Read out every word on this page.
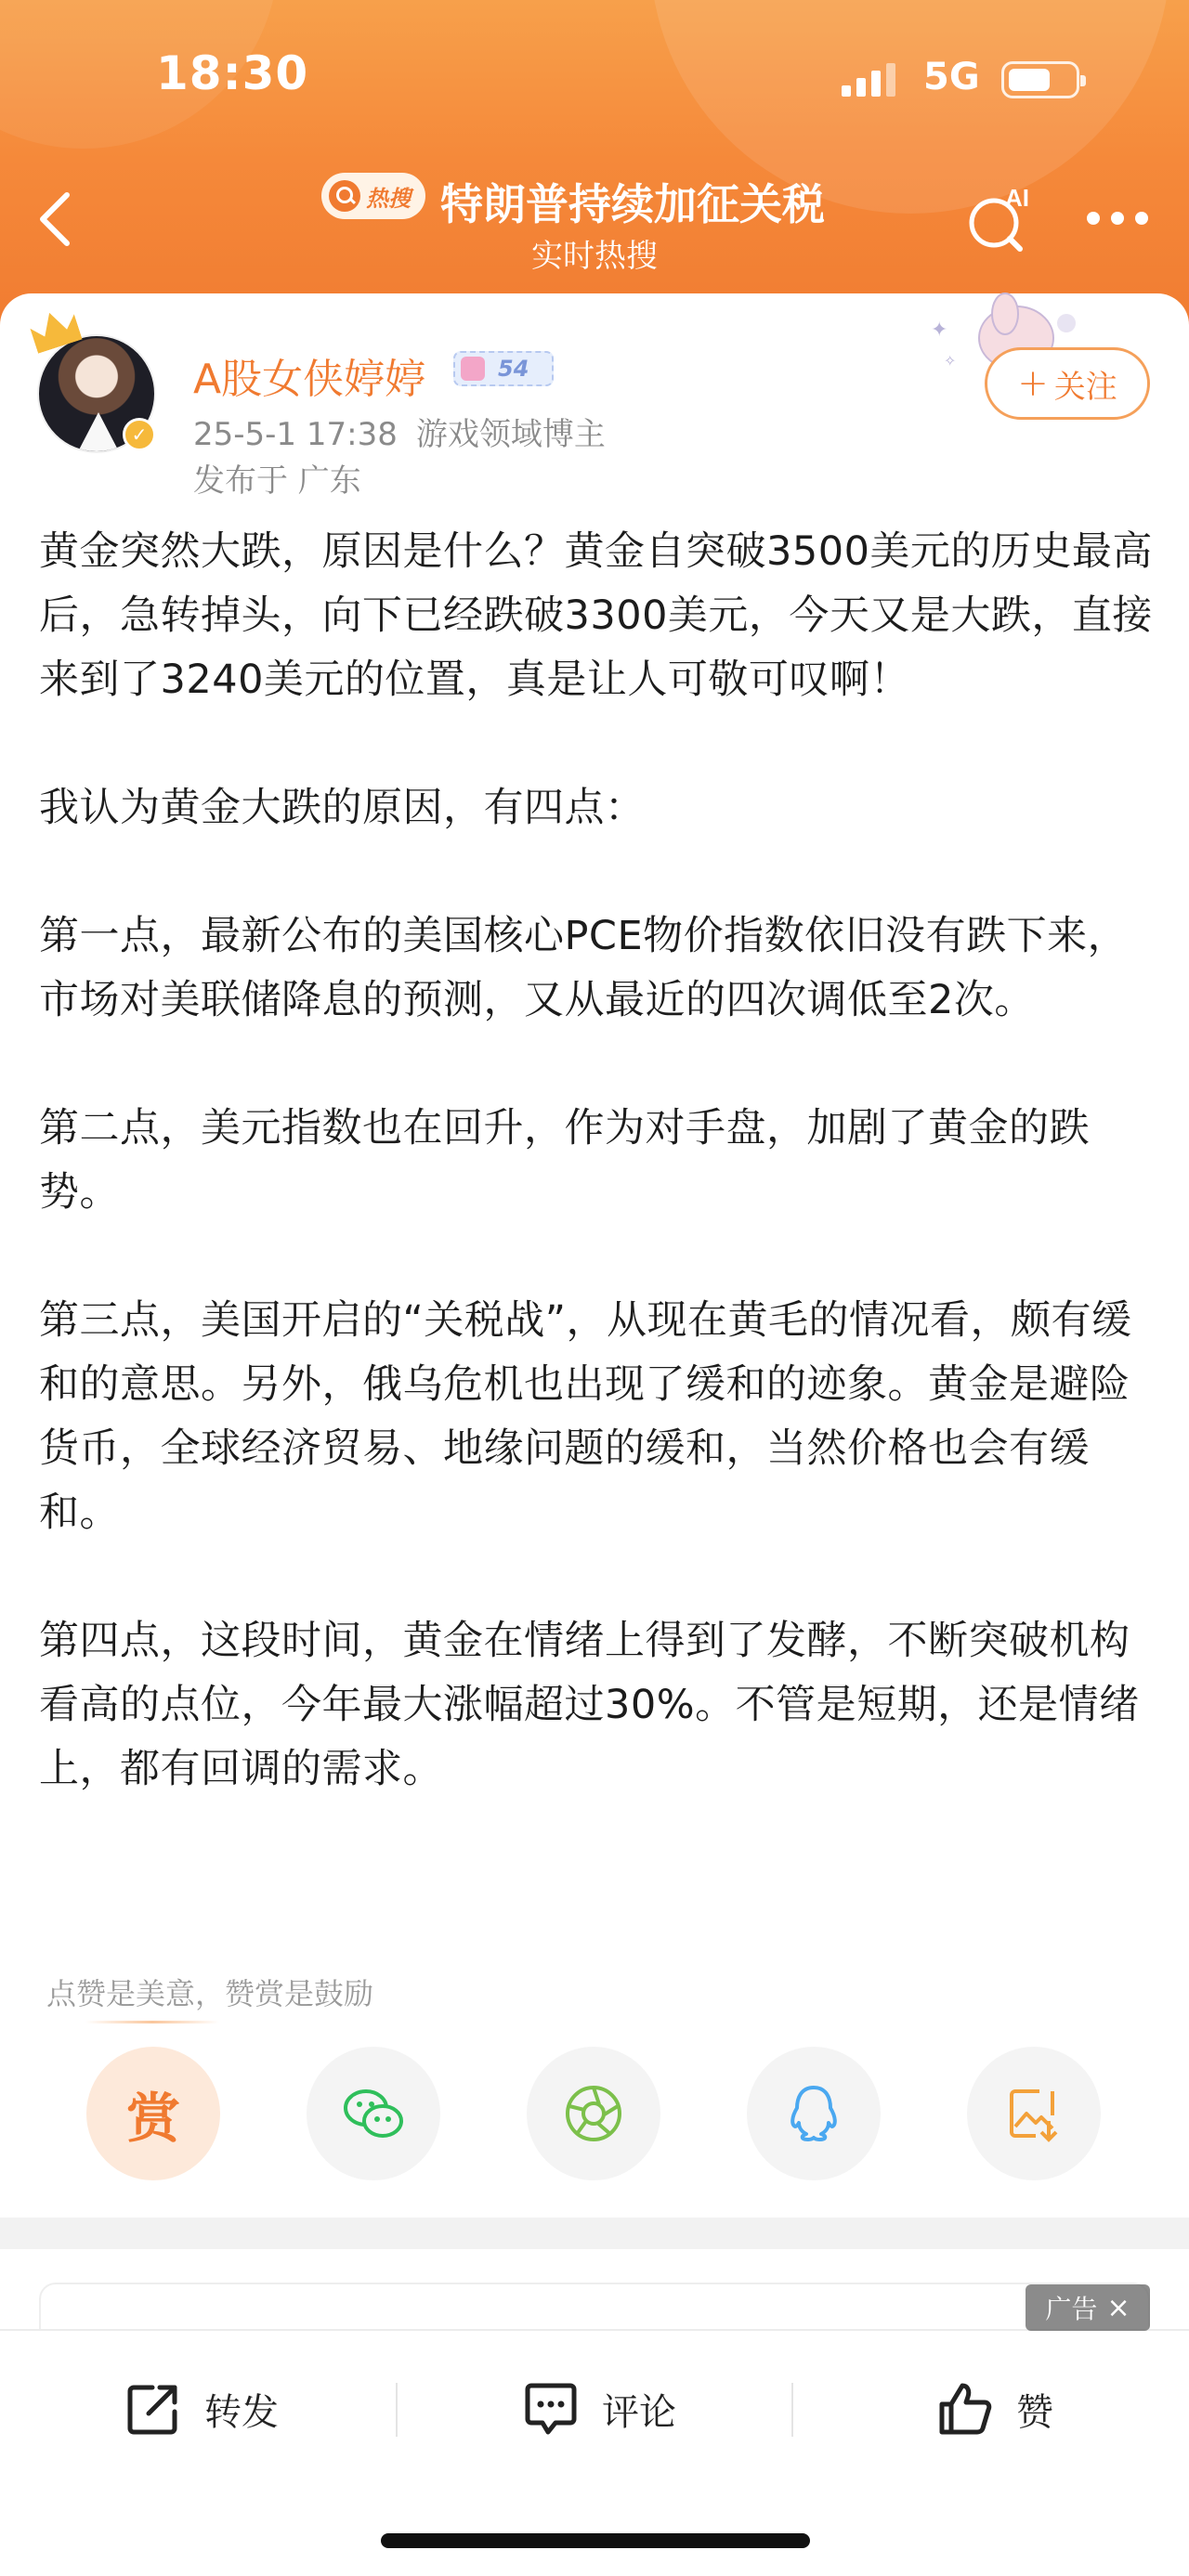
18:30	5G
热搜 特朗普持续加征关税
实时热搜
AI
✓
A股女侠婷婷	54
25-5-1 17:38 游戏领域博主
发布于 广东
✦
✧
+ 关注

黄金突然大跌，原因是什么？黄金自突破3500美元的历史最高后，急转掉头，向下已经跌破3300美元，今天又是大跌，直接来到了3240美元的位置，真是让人可敬可叹啊！

我认为黄金大跌的原因，有四点：

第一点，最新公布的美国核心PCE物价指数依旧没有跌下来，市场对美联储降息的预测，又从最近的四次调低至2次。

第二点，美元指数也在回升，作为对手盘，加剧了黄金的跌势。

第三点，美国开启的“关税战”，从现在黄毛的情况看，颇有缓和的意思。另外，俄乌危机也出现了缓和的迹象。黄金是避险货币，全球经济贸易、地缘问题的缓和，当然价格也会有缓和。

第四点，这段时间，黄金在情绪上得到了发酵，不断突破机构看高的点位，今年最大涨幅超过30%。不管是短期，还是情绪上，都有回调的需求。

点赞是美意，赞赏是鼓励
赏
广告 ×
转发	评论	赞
